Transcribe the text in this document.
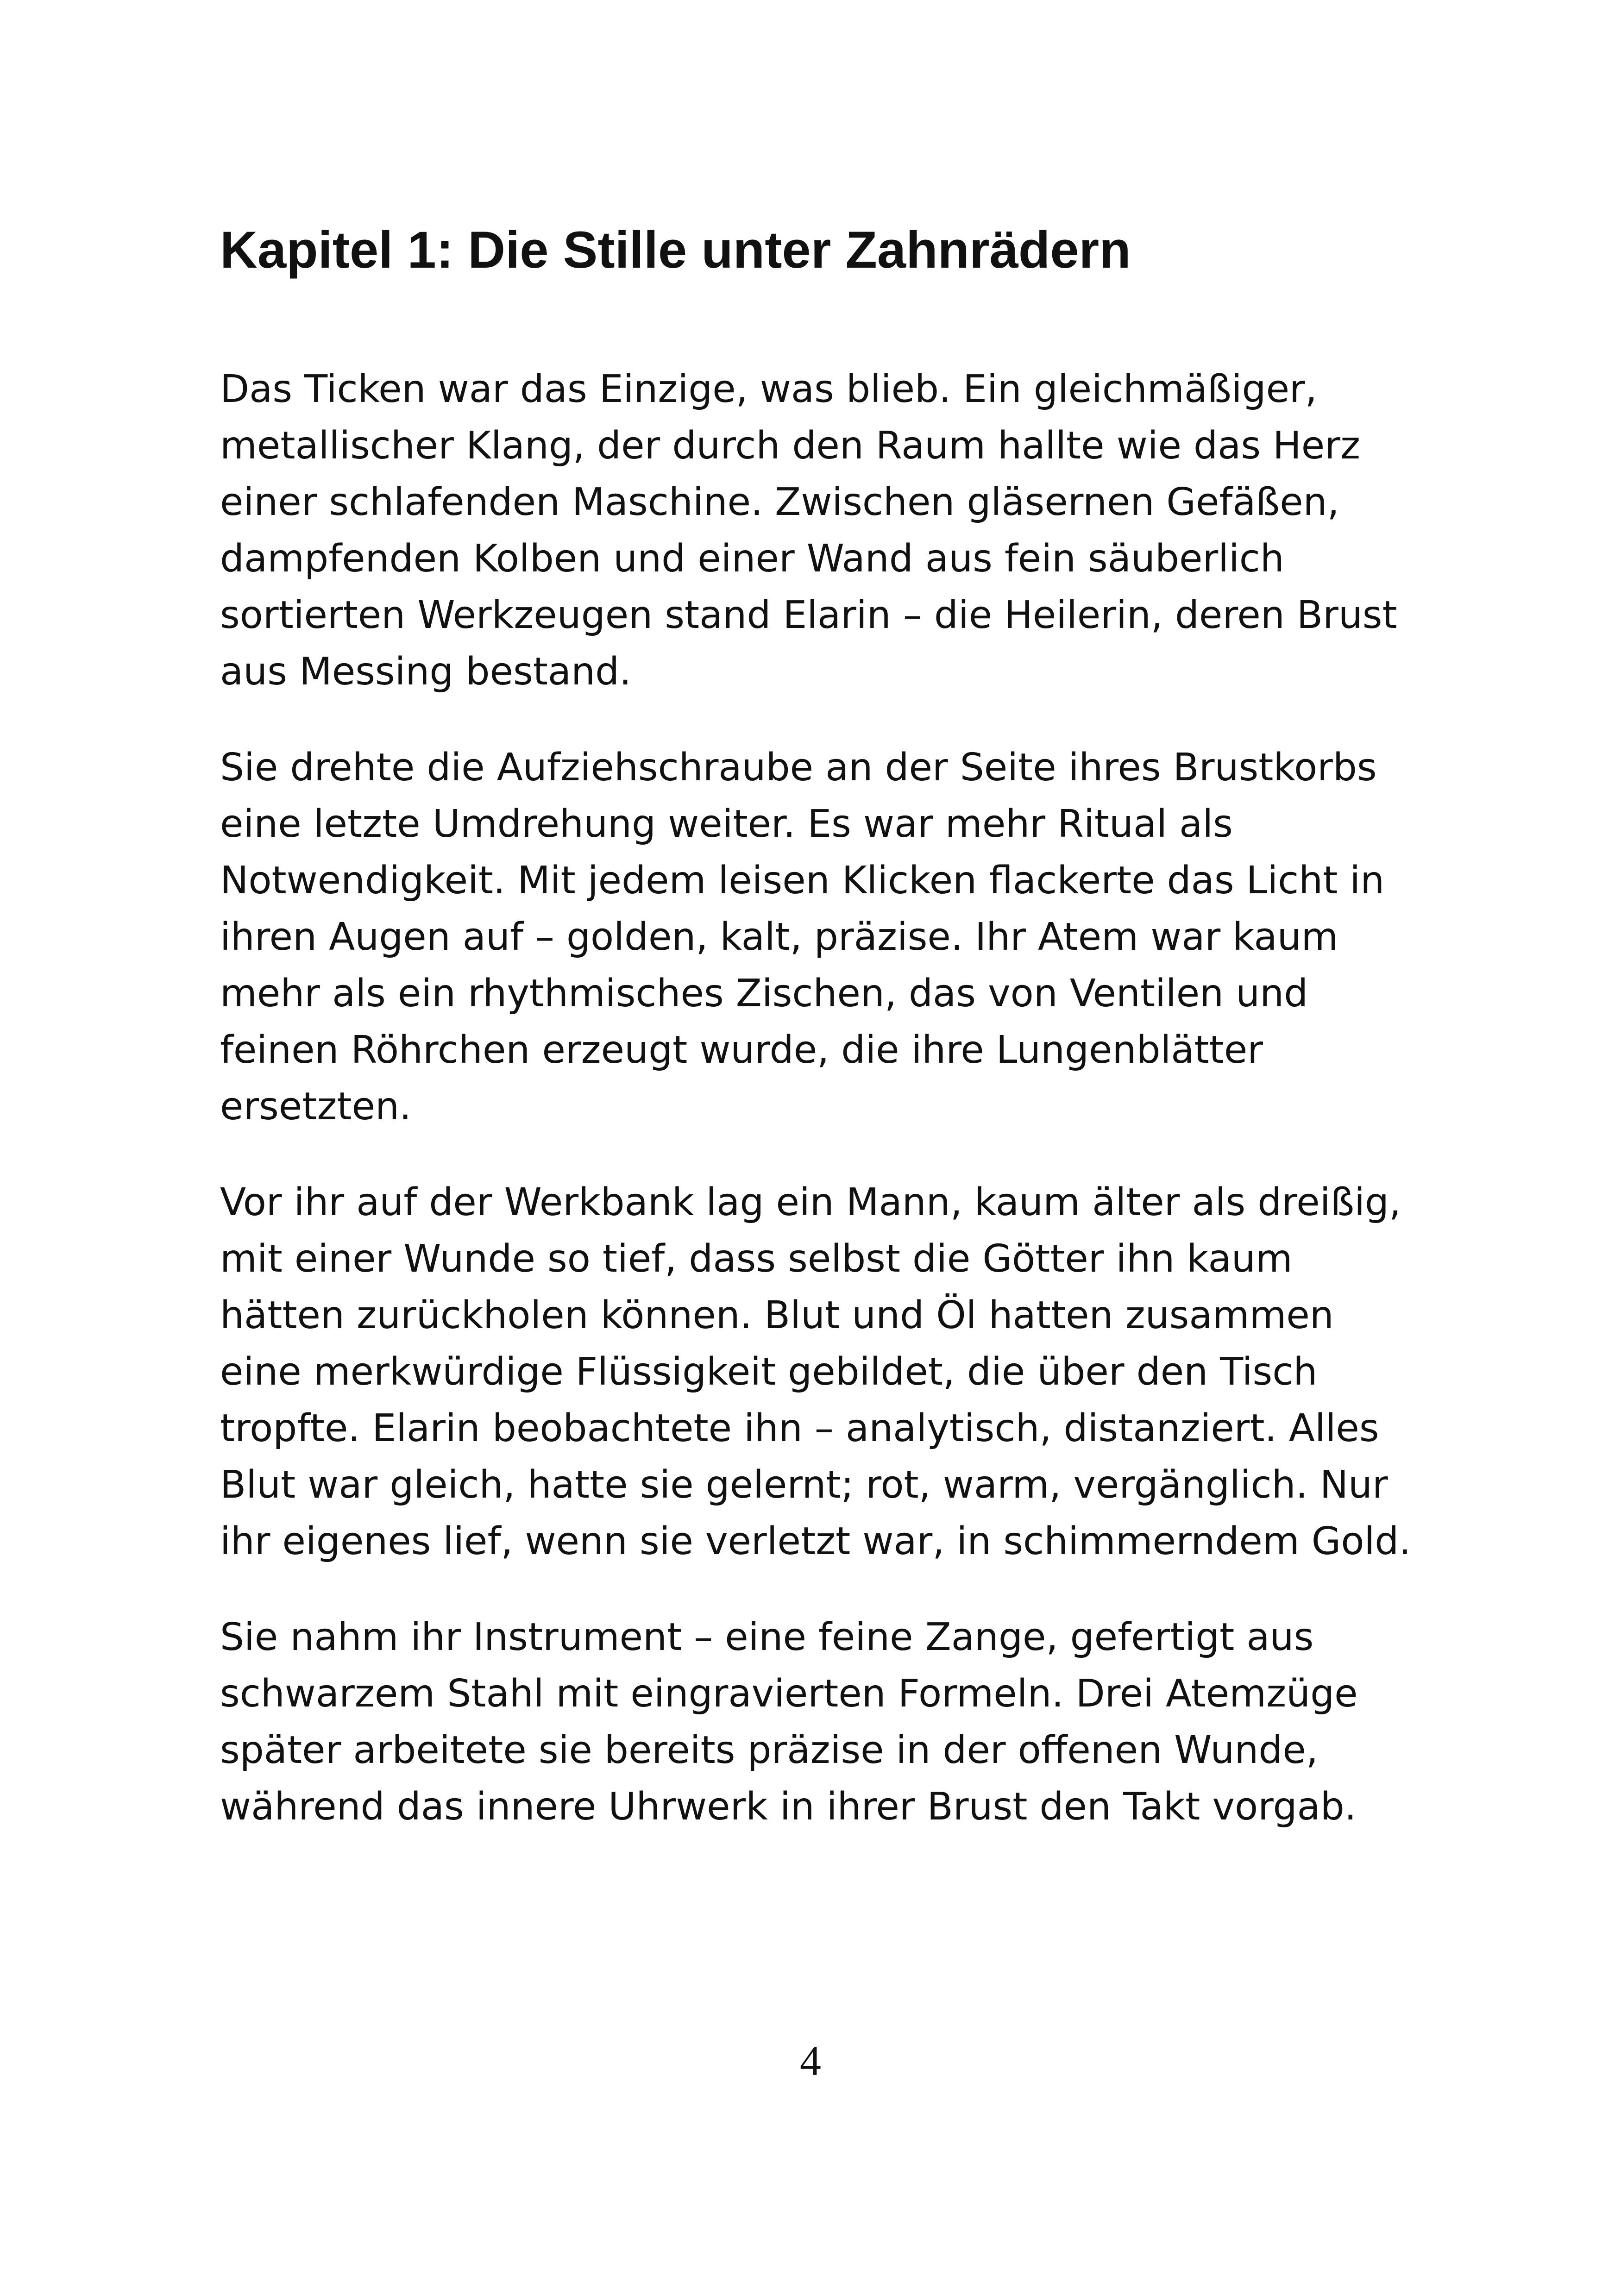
Kapitel 1: Die Stille unter Zahnrädern

Das Ticken war das Einzige, was blieb. Ein gleichmäßiger,
metallischer Klang, der durch den Raum hallte wie das Herz
einer schlafenden Maschine. Zwischen gläsernen Gefäßen,
dampfenden Kolben und einer Wand aus fein säuberlich
sortierten Werkzeugen stand Elarin – die Heilerin, deren Brust
aus Messing bestand.

Sie drehte die Aufziehschraube an der Seite ihres Brustkorbs
eine letzte Umdrehung weiter. Es war mehr Ritual als
Notwendigkeit. Mit jedem leisen Klicken flackerte das Licht in
ihren Augen auf – golden, kalt, präzise. Ihr Atem war kaum
mehr als ein rhythmisches Zischen, das von Ventilen und
feinen Röhrchen erzeugt wurde, die ihre Lungenblätter
ersetzten.

Vor ihr auf der Werkbank lag ein Mann, kaum älter als dreißig,
mit einer Wunde so tief, dass selbst die Götter ihn kaum
hätten zurückholen können. Blut und Öl hatten zusammen
eine merkwürdige Flüssigkeit gebildet, die über den Tisch
tropfte. Elarin beobachtete ihn – analytisch, distanziert. Alles
Blut war gleich, hatte sie gelernt; rot, warm, vergänglich. Nur
ihr eigenes lief, wenn sie verletzt war, in schimmerndem Gold.

Sie nahm ihr Instrument – eine feine Zange, gefertigt aus
schwarzem Stahl mit eingravierten Formeln. Drei Atemzüge
später arbeitete sie bereits präzise in der offenen Wunde,
während das innere Uhrwerk in ihrer Brust den Takt vorgab.

4
